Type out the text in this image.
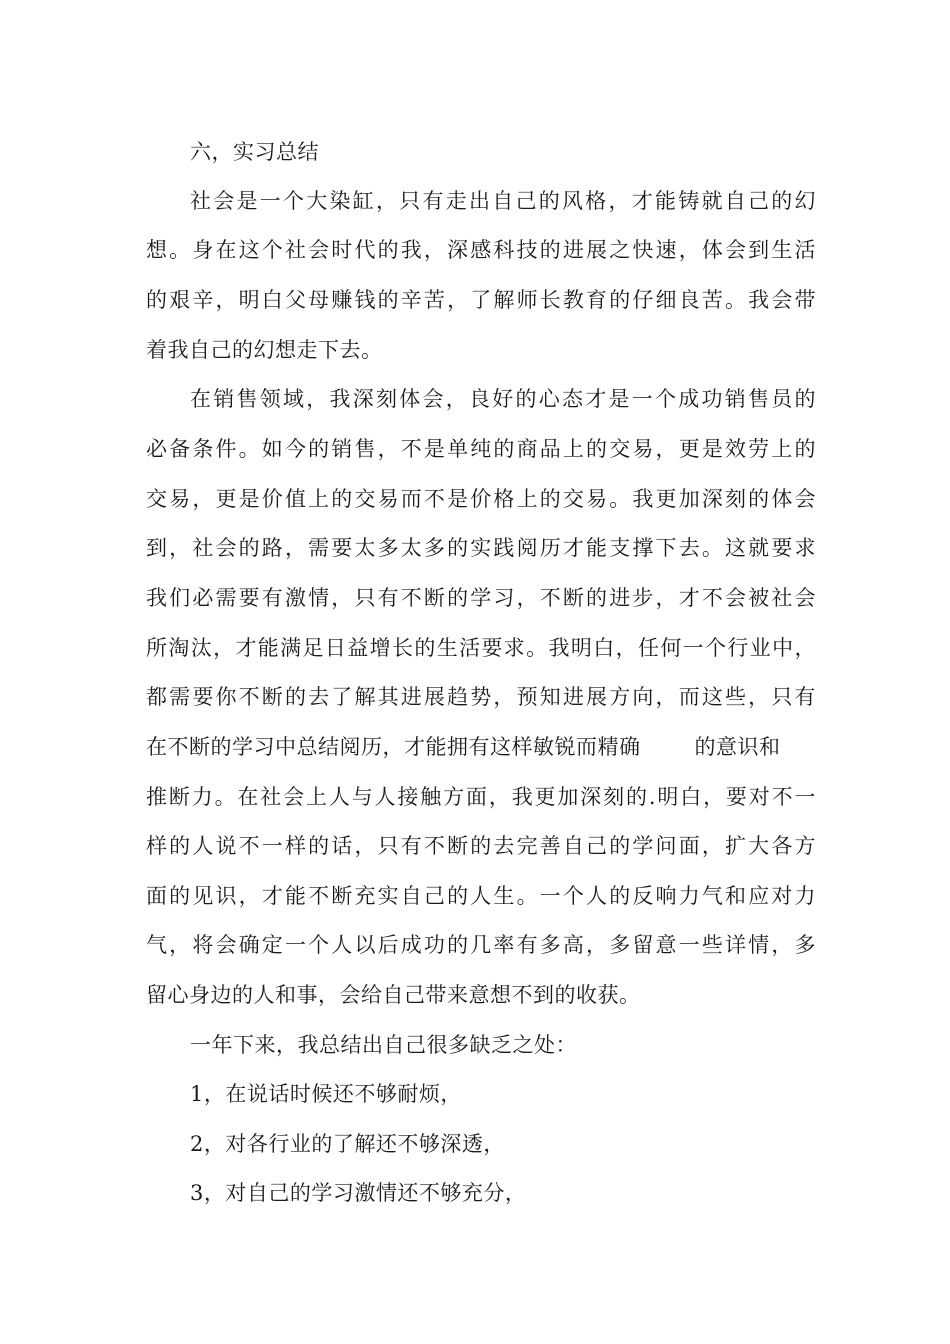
六，实习总结
社会是一个大染缸，只有走出自己的风格，才能铸就自己的幻
想。身在这个社会时代的我，深感科技的进展之快速，体会到生活
的艰辛，明白父母赚钱的辛苦，了解师长教育的仔细良苦。我会带
着我自己的幻想走下去。
在销售领域，我深刻体会，良好的心态才是一个成功销售员的
必备条件。如今的销售，不是单纯的商品上的交易，更是效劳上的
交易，更是价值上的交易而不是价格上的交易。我更加深刻的体会
到，社会的路，需要太多太多的实践阅历才能支撑下去。这就要求
我们必需要有激情，只有不断的学习，不断的进步，才不会被社会
所淘汰，才能满足日益增长的生活要求。我明白，任何一个行业中，
都需要你不断的去了解其进展趋势，预知进展方向，而这些，只有
在不断的学习中总结阅历，才能拥有这样敏锐而精确	的意识和
推断力。在社会上人与人接触方面，我更加深刻的.明白，要对不一
样的人说不一样的话，只有不断的去完善自己的学问面，扩大各方
面的见识，才能不断充实自己的人生。一个人的反响力气和应对力
气，将会确定一个人以后成功的几率有多高，多留意一些详情，多
留心身边的人和事，会给自己带来意想不到的收获。
一年下来，我总结出自己很多缺乏之处：
1，在说话时候还不够耐烦，
2，对各行业的了解还不够深透，
3，对自己的学习激情还不够充分，
